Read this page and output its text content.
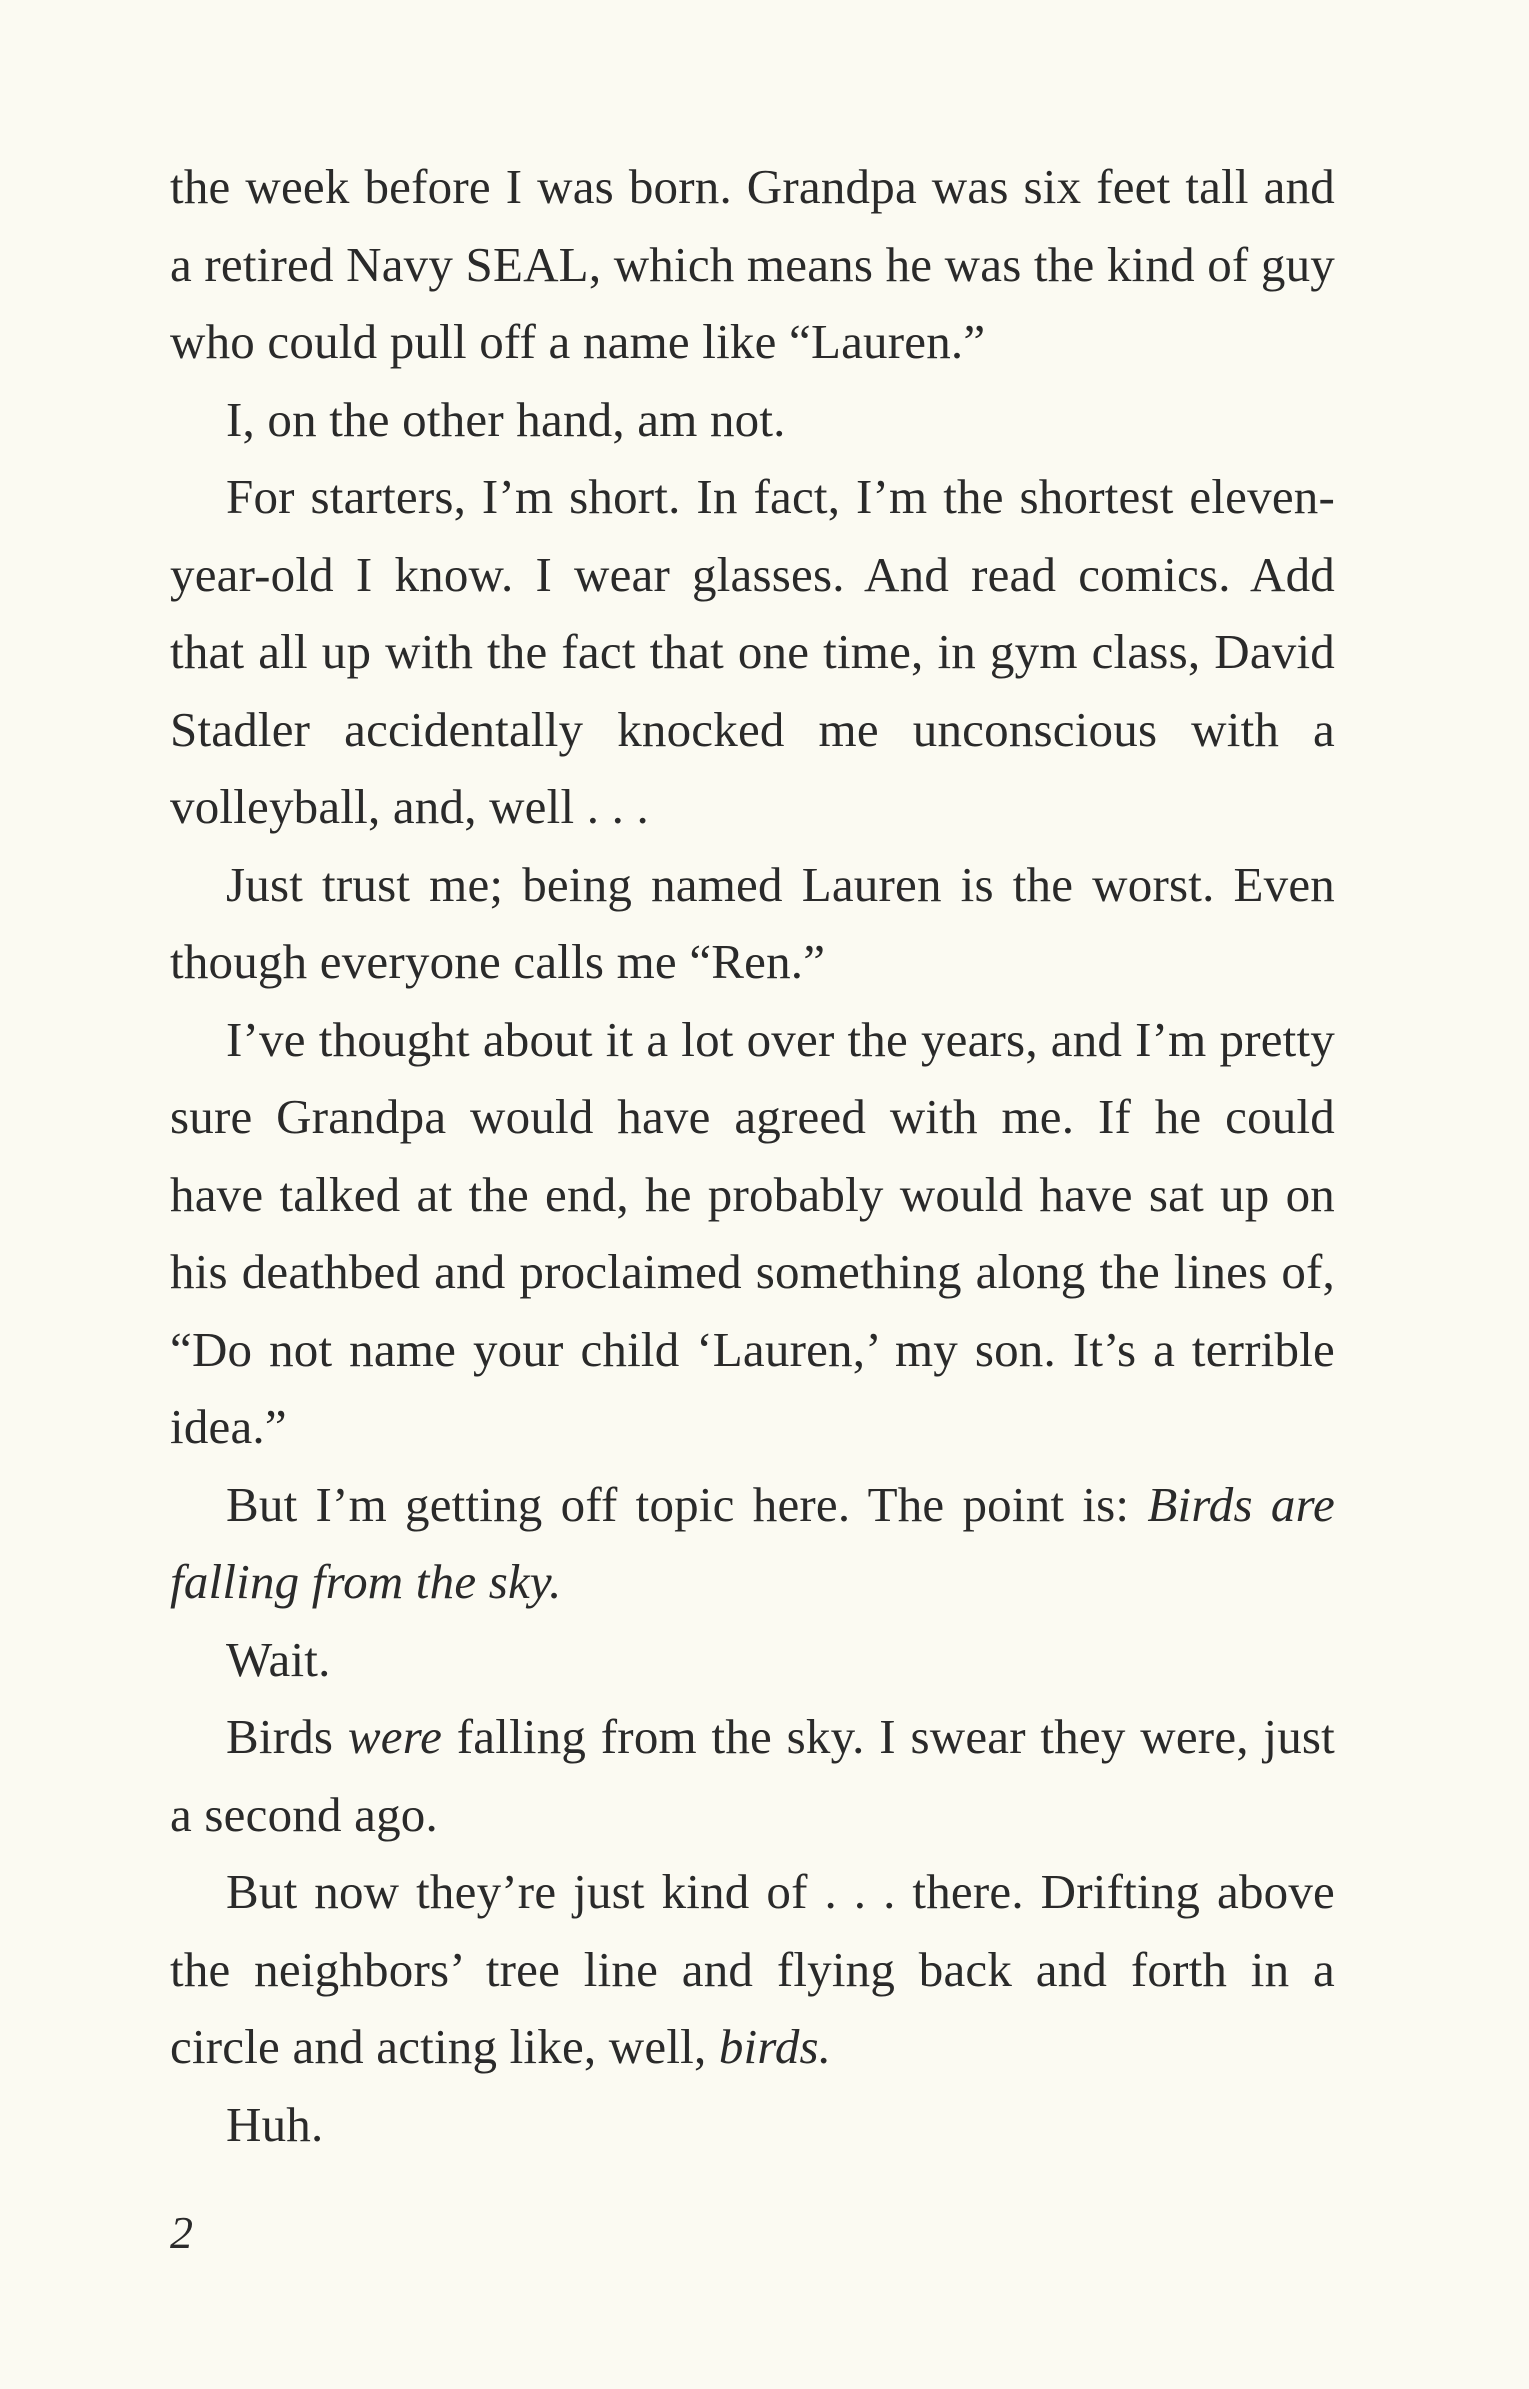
the week before I was born. Grandpa was six feet tall and a retired Navy SEAL, which means he was the kind of guy who could pull off a name like “Lauren.”

I, on the other hand, am not.

For starters, I’m short. In fact, I’m the shortest eleven-year-old I know. I wear glasses. And read comics. Add that all up with the fact that one time, in gym class, David Stadler accidentally knocked me unconscious with a volleyball, and, well . . .

Just trust me; being named Lauren is the worst. Even though everyone calls me “Ren.”

I’ve thought about it a lot over the years, and I’m pretty sure Grandpa would have agreed with me. If he could have talked at the end, he probably would have sat up on his deathbed and proclaimed something along the lines of, “Do not name your child ‘Lauren,’ my son. It’s a terrible idea.”

But I’m getting off topic here. The point is: Birds are falling from the sky.

Wait.

Birds were falling from the sky. I swear they were, just a second ago.

But now they’re just kind of . . . there. Drifting above the neighbors’ tree line and flying back and forth in a circle and acting like, well, birds.

Huh.

2
